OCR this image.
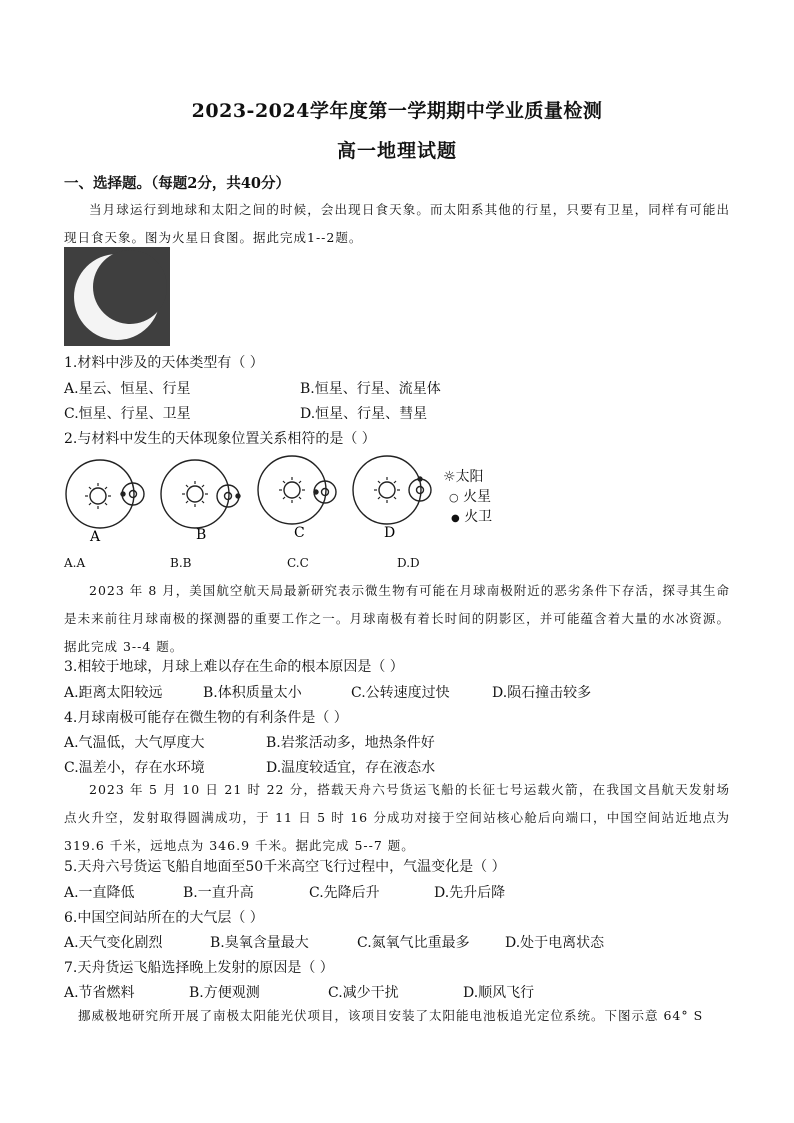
2023-2024学年度第一学期期中学业质量检测
高一地理试题
一、选择题。（每题2分，共40分）
当月球运行到地球和太阳之间的时候，会出现日食天象。而太阳系其他的行星，只要有卫星，同样有可能出现日食天象。图为火星日食图。据此完成1--2题。
1.材料中涉及的天体类型有（ ）
A.星云、恒星、行星	B.恒星、行星、流星体
C.恒星、行星、卫星	D.恒星、行星、彗星
2.与材料中发生的天体现象位置关系相符的是（ ）
A	B	C	D
☼太阳
○ 火星
● 火卫
A.A	B.B	C.C	D.D
2023 年 8 月，美国航空航天局最新研究表示微生物有可能在月球南极附近的恶劣条件下存活，探寻其生命是未来前往月球南极的探测器的重要工作之一。月球南极有着长时间的阴影区，并可能蕴含着大量的水冰资源。据此完成 3--4 题。
3.相较于地球，月球上难以存在生命的根本原因是（ ）
A.距离太阳较远	B.体积质量太小	C.公转速度过快	D.陨石撞击较多
4.月球南极可能存在微生物的有利条件是（ ）
A.气温低，大气厚度大	B.岩浆活动多，地热条件好
C.温差小，存在水环境	D.温度较适宜，存在液态水
2023 年 5 月 10 日 21 时 22 分，搭载天舟六号货运飞船的长征七号运载火箭，在我国文昌航天发射场点火升空，发射取得圆满成功，于 11 日 5 时 16 分成功对接于空间站核心舱后向端口，中国空间站近地点为 319.6 千米，远地点为 346.9 千米。据此完成 5--7 题。
5.天舟六号货运飞船自地面至50千米高空飞行过程中，气温变化是（ ）
A.一直降低	B.一直升高	C.先降后升	D.先升后降
6.中国空间站所在的大气层（ ）
A.天气变化剧烈	B.臭氧含量最大	C.氮氧气比重最多	D.处于电离状态
7.天舟货运飞船选择晚上发射的原因是（ ）
A.节省燃料	B.方便观测	C.减少干扰	D.顺风飞行
挪威极地研究所开展了南极太阳能光伏项目，该项目安装了太阳能电池板追光定位系统。下图示意 64° S
